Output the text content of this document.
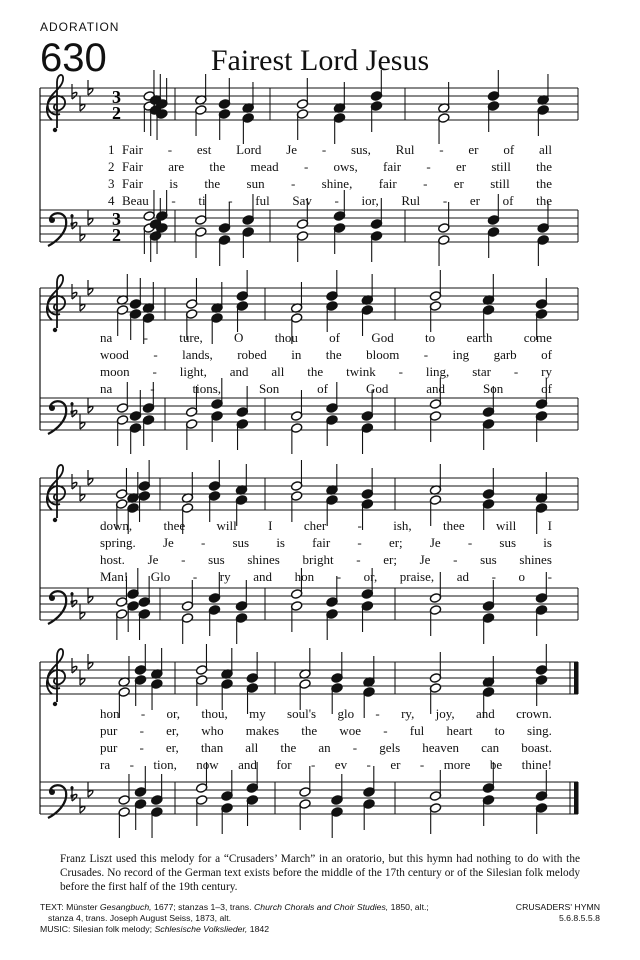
ADORATION
630	Fairest Lord Jesus
3
2
3
2
1 Fair - est Lord Je - sus, Rul - er of all
2 Fair are the mead - ows, fair - er still the
3 Fair is the sun - shine, fair - er still the
4 Beau - ti - ful Sav - ior, Rul - er of the
na - ture, O thou of God to earth come
wood - lands, robed in the bloom - ing garb of
moon - light, and all the twink - ling, star - ry
na	-	tions,	Son	of	God	and	Son	of
down, thee will I cher - ish, thee will I
spring. Je - sus is fair - er; Je - sus is
host. Je - sus shines bright - er; Je - sus shines
Man! Glo - ry and hon - or, praise, ad - o -
hon - or, thou, my soul's glo - ry, joy, and crown.
pur - er, who makes the woe - ful heart to sing.
pur - er, than all the an - gels heaven can boast.
ra - tion, now and for - ev - er - more be thine!
Franz Liszt used this melody for a “Crusaders’ March” in an oratorio, but this hymn had nothing to do with the Crusades. No record of the German text exists before the middle of the 17th century or of the Silesian folk melody before the first half of the 19th century.
TEXT: Münster Gesangbuch, 1677; stanzas 1–3, trans. Church Chorals and Choir Studies, 1850, alt.;
stanza 4, trans. Joseph August Seiss, 1873, alt.
MUSIC: Silesian folk melody; Schlesische Volkslieder, 1842
CRUSADERS' HYMN
5.6.8.5.5.8
